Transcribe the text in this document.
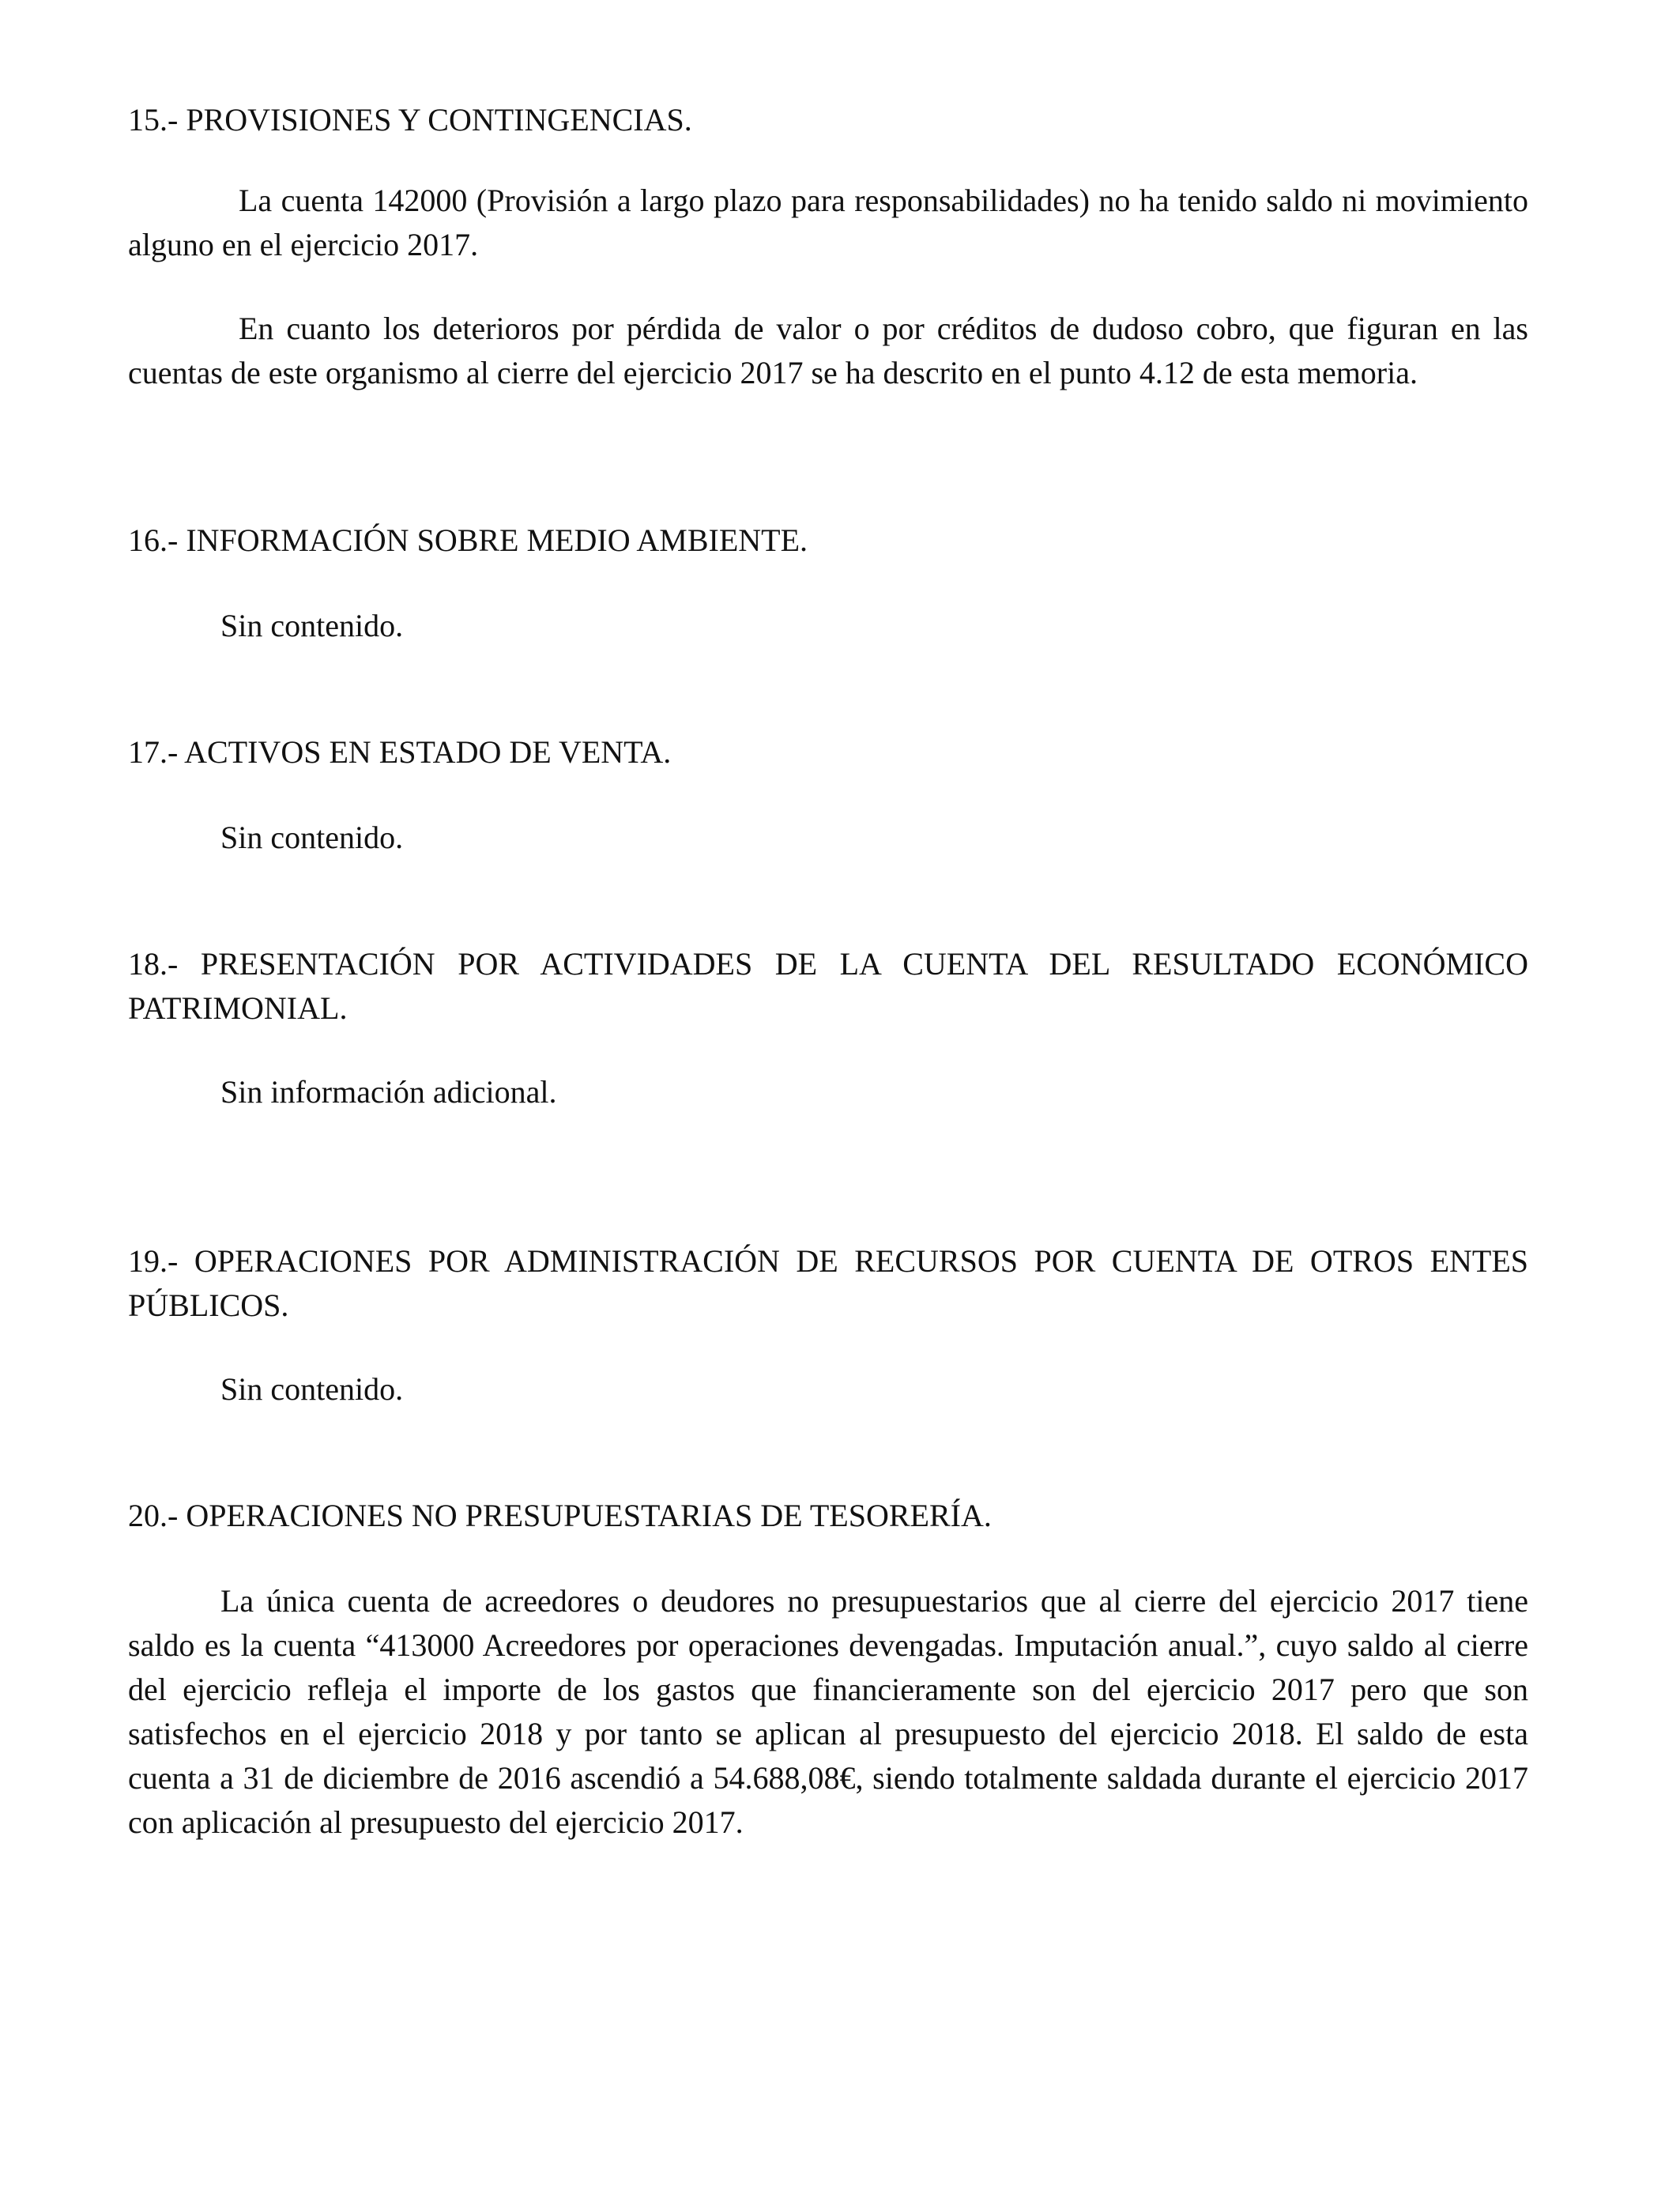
15.- PROVISIONES Y CONTINGENCIAS.

La cuenta 142000 (Provisión a largo plazo para responsabilidades) no ha tenido saldo ni movimiento alguno en el ejercicio 2017.

En cuanto los deterioros por pérdida de valor o por créditos de dudoso cobro, que figuran en las cuentas de este organismo al cierre del ejercicio 2017 se ha descrito en el punto 4.12 de esta memoria.

16.- INFORMACIÓN SOBRE MEDIO AMBIENTE.

Sin contenido.

17.- ACTIVOS EN ESTADO DE VENTA.

Sin contenido.

18.- PRESENTACIÓN POR ACTIVIDADES DE LA CUENTA DEL RESULTADO ECONÓMICO PATRIMONIAL.

Sin información adicional.

19.- OPERACIONES POR ADMINISTRACIÓN DE RECURSOS POR CUENTA DE OTROS ENTES PÚBLICOS.

Sin contenido.

20.- OPERACIONES NO PRESUPUESTARIAS DE TESORERÍA.

La única cuenta de acreedores o deudores no presupuestarios que al cierre del ejercicio 2017 tiene saldo es la cuenta “413000 Acreedores por operaciones devengadas. Imputación anual.”, cuyo saldo al cierre del ejercicio refleja el importe de los gastos que financieramente son del ejercicio 2017 pero que son satisfechos en el ejercicio 2018 y por tanto se aplican al presupuesto del ejercicio 2018. El saldo de esta cuenta a 31 de diciembre de 2016 ascendió a 54.688,08€, siendo totalmente saldada durante el ejercicio 2017 con aplicación al presupuesto del ejercicio 2017.
